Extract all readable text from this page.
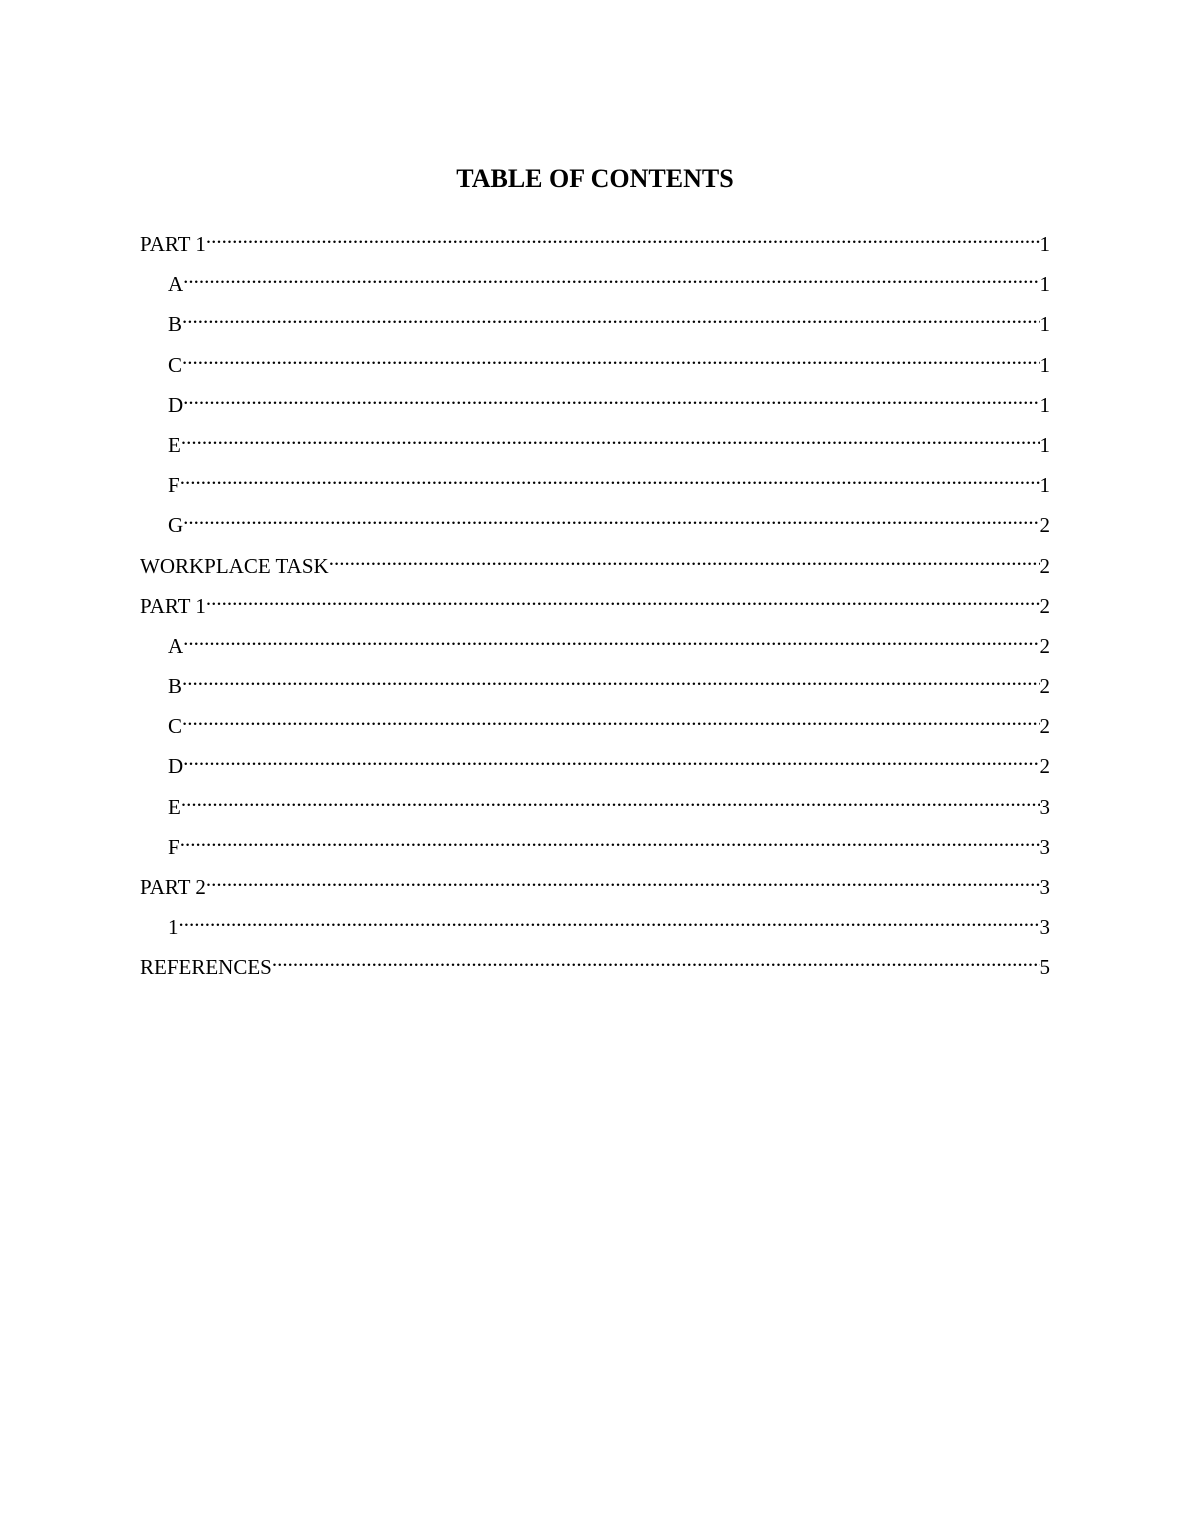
TABLE OF CONTENTS
PART 1 .....	1
A .....	1
B .....	1
C .....	1
D .....	1
E .....	1
F .....	1
G .....	2
WORKPLACE TASK .....	2
PART 1 .....	2
A .....	2
B .....	2
C .....	2
D .....	2
E .....	3
F .....	3
PART 2 .....	3
1 .....	3
REFERENCES .....	5
